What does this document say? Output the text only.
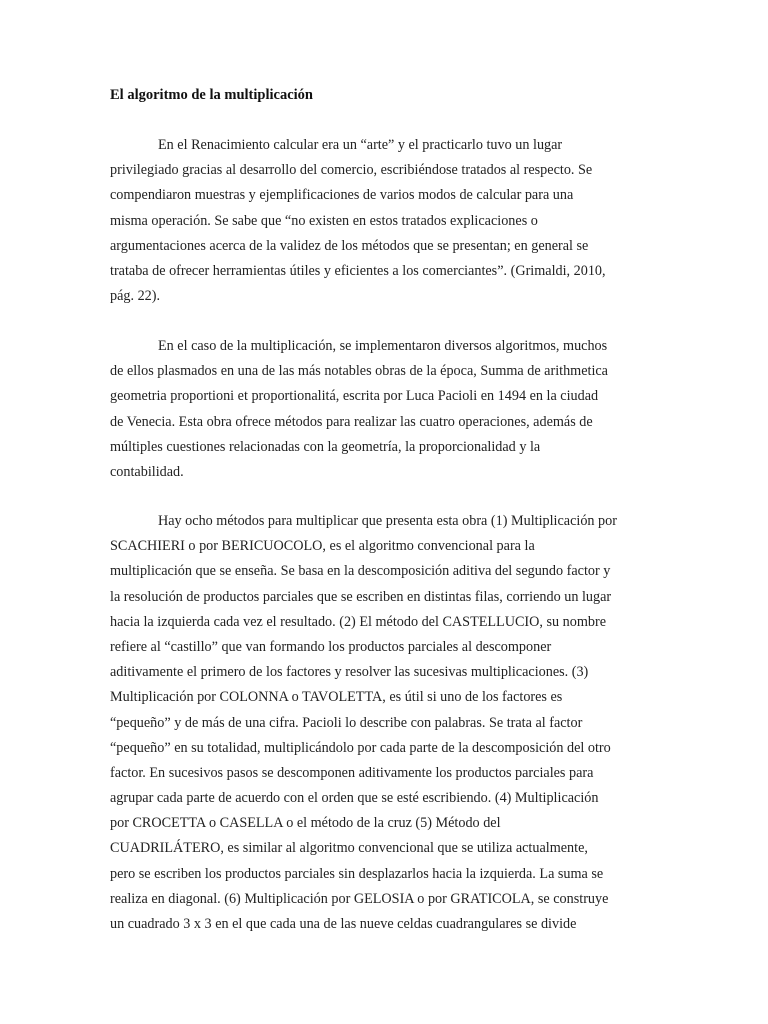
El algoritmo de la multiplicación
En el Renacimiento calcular era un “arte” y el practicarlo tuvo un lugar
privilegiado gracias al desarrollo del comercio, escribiéndose tratados al respecto. Se
compendiaron muestras y ejemplificaciones de varios modos de calcular para una
misma operación. Se sabe que “no existen en estos tratados explicaciones o
argumentaciones acerca de la validez de los métodos que se presentan; en general se
trataba de ofrecer herramientas útiles y eficientes a los comerciantes”. (Grimaldi, 2010,
pág. 22).
En el caso de la multiplicación, se implementaron diversos algoritmos, muchos
de ellos plasmados en una de las más notables obras de la época, Summa de arithmetica
geometria proportioni et proportionalitá, escrita por Luca Pacioli en 1494 en la ciudad
de Venecia. Esta obra ofrece métodos para realizar las cuatro operaciones, además de
múltiples cuestiones relacionadas con la geometría, la proporcionalidad y la
contabilidad.
Hay ocho métodos para multiplicar que presenta esta obra (1) Multiplicación por
SCACHIERI o por BERICUOCOLO, es el algoritmo convencional para la
multiplicación que se enseña. Se basa en la descomposición aditiva del segundo factor y
la resolución de productos parciales que se escriben en distintas filas, corriendo un lugar
hacia la izquierda cada vez el resultado. (2) El método del CASTELLUCIO, su nombre
refiere al “castillo” que van formando los productos parciales al descomponer
aditivamente el primero de los factores y resolver las sucesivas multiplicaciones. (3)
Multiplicación por COLONNA o TAVOLETTA, es útil si uno de los factores es
“pequeño” y de más de una cifra. Pacioli lo describe con palabras. Se trata al factor
“pequeño” en su totalidad, multiplicándolo por cada parte de la descomposición del otro
factor. En sucesivos pasos se descomponen aditivamente los productos parciales para
agrupar cada parte de acuerdo con el orden que se esté escribiendo. (4) Multiplicación
por CROCETTA o CASELLA o el método de la cruz (5) Método del
CUADRILÁTERO, es similar al algoritmo convencional que se utiliza actualmente,
pero se escriben los productos parciales sin desplazarlos hacia la izquierda. La suma se
realiza en diagonal. (6) Multiplicación por GELOSIA o por GRATICOLA, se construye
un cuadrado 3 x 3 en el que cada una de las nueve celdas cuadrangulares se divide
